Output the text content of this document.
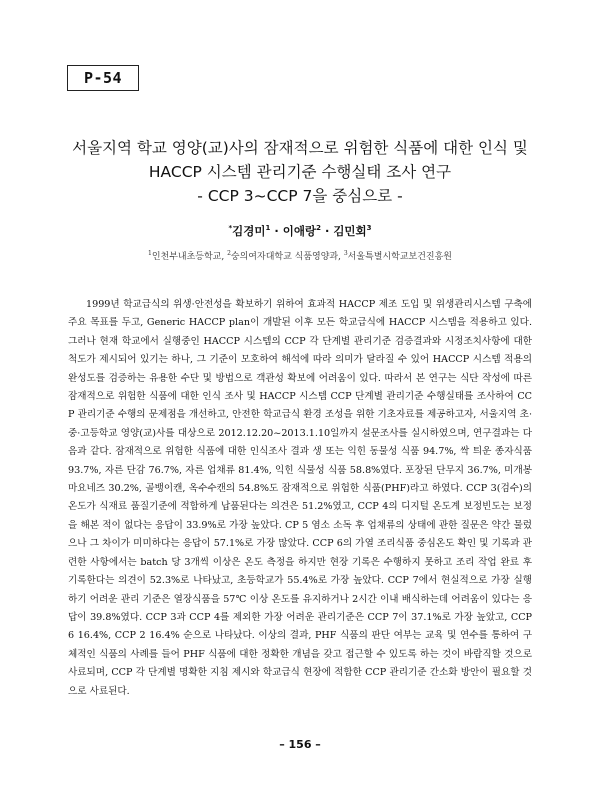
P-54
서울지역 학교 영양(교)사의 잠재적으로 위험한 식품에 대한 인식 및
HACCP 시스템 관리기준 수행실태 조사 연구
- CCP 3~CCP 7을 중심으로 -
*김경미$^1$ · 이애랑$^2$ · 김민회$^3$
$^1$인천부내초등학교, $^2$숭의여자대학교 식품영양과, $^3$서울특별시학교보건진흥원

1999년 학교급식의 위생·안전성을 확보하기 위하여 효과적 HACCP 제조 도입 및 위생관리시스템 구축에 주요 목표를 두고, Generic HACCP plan이 개발된 이후 모든 학교급식에 HACCP 시스템을 적용하고 있다. 그러나 현재 학교에서 실행중인 HACCP 시스템의 CCP 각 단계별 관리기준 검증결과와 시정조치사항에 대한 척도가 제시되어 있기는 하나, 그 기준이 모호하여 해석에 따라 의미가 달라질 수 있어 HACCP 시스템 적용의 완성도를 검증하는 유용한 수단 및 방법으로 객관성 확보에 어려움이 있다. 따라서 본 연구는 식단 작성에 따른 잠재적으로 위험한 식품에 대한 인식 조사 및 HACCP 시스템 CCP 단계별 관리기준 수행실태를 조사하여 CCP 관리기준 수행의 문제점을 개선하고, 안전한 학교급식 환경 조성을 위한 기초자료를 제공하고자, 서울지역 초·중·고등학교 영양(교)사를 대상으로 2012.12.20~2013.1.10일까지 설문조사를 실시하였으며, 연구결과는 다음과 같다. 잠재적으로 위험한 식품에 대한 인식조사 결과 생 또는 익힌 동물성 식품 94.7%, 싹 틔운 종자식품 93.7%, 자른 단감 76.7%, 자른 업채류 81.4%, 익힌 식물성 식품 58.8%였다. 포장된 단무지 36.7%, 미개봉 마요네즈 30.2%, 골뱅이캔, 옥수수캔의 54.8%도 잠재적으로 위험한 식품(PHF)라고 하였다. CCP 3(검수)의 온도가 식재료 품질기준에 적합하게 납품된다는 의견은 51.2%였고, CCP 4의 디지털 온도계 보정빈도는 보정을 해본 적이 없다는 응답이 33.9%로 가장 높았다. CP 5 염소 소독 후 업채류의 상태에 관한 질문은 약간 물렀으나 그 차이가 미미하다는 응답이 57.1%로 가장 많았다. CCP 6의 가열 조리식품 중심온도 확인 및 기록과 관련한 사항에서는 batch 당 3개씩 이상은 온도 측정을 하지만 현장 기록은 수행하지 못하고 조리 작업 완료 후 기록한다는 의견이 52.3%로 나타났고, 초등학교가 55.4%로 가장 높았다. CCP 7에서 현실적으로 가장 실행하기 어려운 관리 기준은 열장식품을 57℃ 이상 온도를 유지하거나 2시간 이내 배식하는데 어려움이 있다는 응답이 39.8%였다. CCP 3과 CCP 4를 제외한 가장 어려운 관리기준은 CCP 7이 37.1%로 가장 높았고, CCP 6 16.4%, CCP 2 16.4% 순으로 나타났다. 이상의 결과, PHF 식품의 판단 여부는 교육 및 연수를 통하여 구체적인 식품의 사례를 들어 PHF 식품에 대한 정확한 개념을 갖고 접근할 수 있도록 하는 것이 바람직할 것으로 사료되며, CCP 각 단계별 명확한 지침 제시와 학교급식 현장에 적합한 CCP 관리기준 간소화 방안이 필요할 것으로 사료된다.

– 156 –
